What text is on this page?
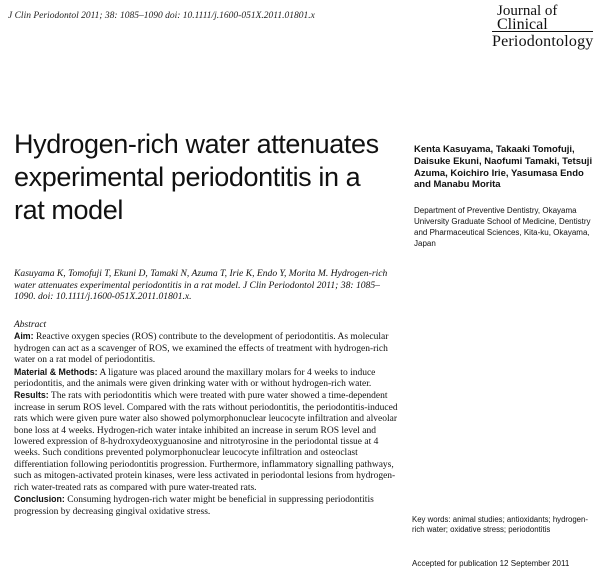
J Clin Periodontol 2011; 38: 1085–1090 doi: 10.1111/j.1600-051X.2011.01801.x	Journal of Clinical
Periodontology
Hydrogen-rich water attenuates experimental periodontitis in a rat model
Kenta Kasuyama, Takaaki Tomofuji, Daisuke Ekuni, Naofumi Tamaki, Tetsuji Azuma, Koichiro Irie, Yasumasa Endo and Manabu Morita
Department of Preventive Dentistry, Okayama University Graduate School of Medicine, Dentistry and Pharmaceutical Sciences, Kita-ku, Okayama, Japan
Kasuyama K, Tomofuji T, Ekuni D, Tamaki N, Azuma T, Irie K, Endo Y, Morita M. Hydrogen-rich water attenuates experimental periodontitis in a rat model. J Clin Periodontol 2011; 38: 1085–1090. doi: 10.1111/j.1600-051X.2011.01801.x.
Abstract

Aim: Reactive oxygen species (ROS) contribute to the development of periodontitis. As molecular hydrogen can act as a scavenger of ROS, we examined the effects of treatment with hydrogen-rich water on a rat model of periodontitis.

Material & Methods: A ligature was placed around the maxillary molars for 4 weeks to induce periodontitis, and the animals were given drinking water with or without hydrogen-rich water.

Results: The rats with periodontitis which were treated with pure water showed a time-dependent increase in serum ROS level. Compared with the rats without periodontitis, the periodontitis-induced rats which were given pure water also showed polymorphonuclear leucocyte infiltration and alveolar bone loss at 4 weeks. Hydrogen-rich water intake inhibited an increase in serum ROS level and lowered expression of 8-hydroxydeoxyguanosine and nitrotyrosine in the periodontal tissue at 4 weeks. Such conditions prevented polymorphonuclear leucocyte infiltration and osteoclast differentiation following periodontitis progression. Furthermore, inflammatory signalling pathways, such as mitogen-activated protein kinases, were less activated in periodontal lesions from hydrogen-rich water-treated rats as compared with pure water-treated rats.

Conclusion: Consuming hydrogen-rich water might be beneficial in suppressing periodontitis progression by decreasing gingival oxidative stress.

Key words: animal studies; antioxidants; hydrogen-rich water; oxidative stress; periodontitis
Accepted for publication 12 September 2011
